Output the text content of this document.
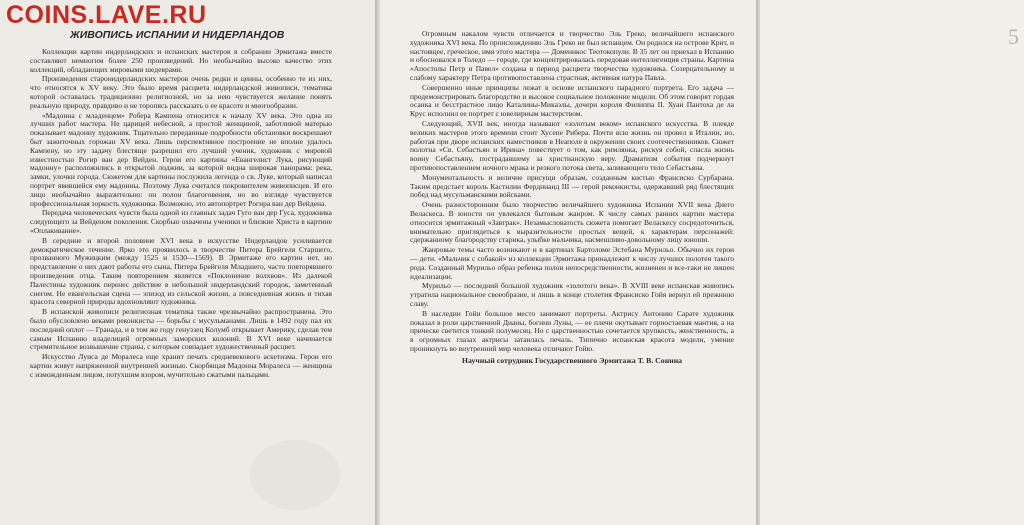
COINS.LAVE.RU
ЖИВОПИСЬ ИСПАНИИ И НИДЕРЛАНДОВ

Коллекции картин нидерландских и испанских мастеров в собрании Эрмитажа вместе составляют немногим более 250 произведений. Но необычайно высоко качество этих коллекций, обладающих мировыми шедеврами.

Произведения старонидерландских мастеров очень редки и ценны, особенно те из них, что относятся к XV веку. Это было время расцвета нидерландской живописи, тематика которой оставалась традиционно религиозной, но за нею чувствуется желание понять реальную природу, правдиво и не торопясь рассказать о ее красоте и многообразии.

«Мадонна с младенцем» Робера Кампена относится к началу XV века. Это одна из лучших работ мастера. Не царицей небесной, а простой женщиной, заботливой матерью показывает мадонну художник. Тщательно переданные подробности обстановки воскрешают быт зажиточных горожан XV века. Лишь перспективное построение не вполне удалось Кампену, но эту задачу блестяще разрешил его лучший ученик, художник с мировой известностью Рогир ван дер Вейден. Герои его картины «Евангелист Лука, рисующий мадонну» расположились в открытой лоджии, за которой видна широкая панорама: река, замки, улочки города. Сюжетом для картины послужила легенда о св. Луке, который написал портрет явившейся ему мадонны. Поэтому Лука считался покровителем живописцев. И его лицо необычайно выразительно: он полон благоговения, но во взгляде чувствуется профессиональная зоркость художника. Возможно, это автопортрет Рогира ван дер Вейдена.

Передача человеческих чувств была одной из главных задач Гуго ван дер Гуса, художника следующего за Вейденом поколения. Скорбью охвачены ученики и близкие Христа в картине «Оплакивание».

В середине и второй половине XVI века в искусстве Нидерландов усиливается демократическое течение. Ярко это проявилось в творчестве Питера Брейгеля Старшего, прозванного Мужицким (между 1525 и 1530—1569). В Эрмитаже его картин нет, но представление о них дают работы его сына, Питера Брейгеля Младшего, часто повторявшего произведения отца. Таким повторением является «Поклонение волхвов». Из далекой Палестины художник перенес действие в небольшой нидерландский городок, заметенный снегом. Не евангельская сцена — эпизод из сельской жизни, а повседневная жизнь и тихая красота северной природы вдохновляют художника.

В испанской живописи религиозная тематика также чрезвычайно распространена. Это было обусловлено веками реконкисты — борьбы с мусульманами. Лишь в 1492 году пал их последний оплот — Гранада, и в том же году генуэзец Колумб открывает Америку, сделав тем самым Испанию владелицей огромных заморских колоний. В XVI веке начинается стремительное возвышение страны, с которым совпадает художественный расцвет.

Искусство Луиса де Моралеса еще хранит печать средневекового аскетизма. Герои его картин живут напряженной внутренней жизнью. Скорбящая Мадонна Моралеса — женщина с изможденным лицом, потухшим взором, мучительно сжатыми пальцами.

Огромным накалом чувств отличается и творчество Эль Греко, величайшего испанского художника XVI века. По происхождению Эль Греко не был испанцем. Он родился на острове Крит, и настоящее, греческое, имя этого мастера — Доменикос Теотокопули. В 35 лет он приехал в Испанию и обосновался в Толедо — городе, где концентрировалась передовая интеллигенция страны. Картина «Апостолы Петр и Павел» создана в период расцвета творчества художника. Созерцательному и слабому характеру Петра противопоставлена страстная, активная натура Павла.

Совершенно иные принципы лежат в основе испанского парадного портрета. Его задача — продемонстрировать благородство и высокое социальное положение модели. Об этом говорят гордая осанка и бесстрастное лицо Каталины-Микаэлы, дочери короля Филиппа II. Хуан Пантоха де ла Крус исполнил ее портрет с ювелирным мастерством.

Следующий, XVII век, иногда называют «золотым веком» испанского искусства. В плеяде великих мастеров этого времени стоит Хусепе Рибера. Почти всю жизнь он провел в Италии, но, работая при дворе испанских наместников в Неаполе в окружении своих соотечественников. Сюжет полотна «Св. Себастьян и Ирина» повествует о том, как римлянка, рискуя собой, спасла жизнь воину Себастьяну, пострадавшему за христианскую веру. Драматизм события подчеркнут противопоставлением ночного мрака и резкого потока света, заливающего тело Себастьяна.

Монументальность и величие присущи образам, созданным кистью Франсиско Сурбарана. Таким предстает король Кастилии Фердинанд III — герой реконкисты, одержавший ряд блестящих побед над мусульманскими войсками.

Очень разносторонним было творчество величайшего художника Испании XVII века Диего Веласкеса. В юности он увлекался бытовым жанром. К числу самых ранних картин мастера относится эрмитажный «Завтрак». Незамысловатость сюжета помогает Веласкесу сосредоточиться, внимательно приглядеться к выразительности простых вещей, к характерам персонажей: сдержанному благородству старика, улыбке мальчика, насмешливо-довольному лицу юноши.

Жанровые темы часто возникают и в картинах Бартоломе Эстебана Мурильо. Обычно их герои — дети. «Мальчик с собакой» из коллекции Эрмитажа принадлежит к числу лучших полотен такого рода. Созданный Мурильо образ ребенка полон непосредственности, жизненен и все-таки не лишен идеализации.

Мурильо — последний большой художник «золотого века». В XVIII веке испанская живопись утратила национальное своеобразие, и лишь в конце столетия Франсиско Гойя вернул ей прежнюю славу.

В наследии Гойи большое место занимают портреты. Актрису Антонию Сарате художник показал в роли царственной Дианы, богини Луны, — ее плечи окутывает горностаевая мантия, а на прическе светится тонкий полумесяц. Но с царственностью сочетается хрупкость, женственность, а в огромных глазах актрисы затаилась печаль. Типично испанская красота модели, умение проникнуть во внутренний мир человека отличают Гойю.

Научный сотрудник Государственного Эрмитажа Т. В. Сонина
5
